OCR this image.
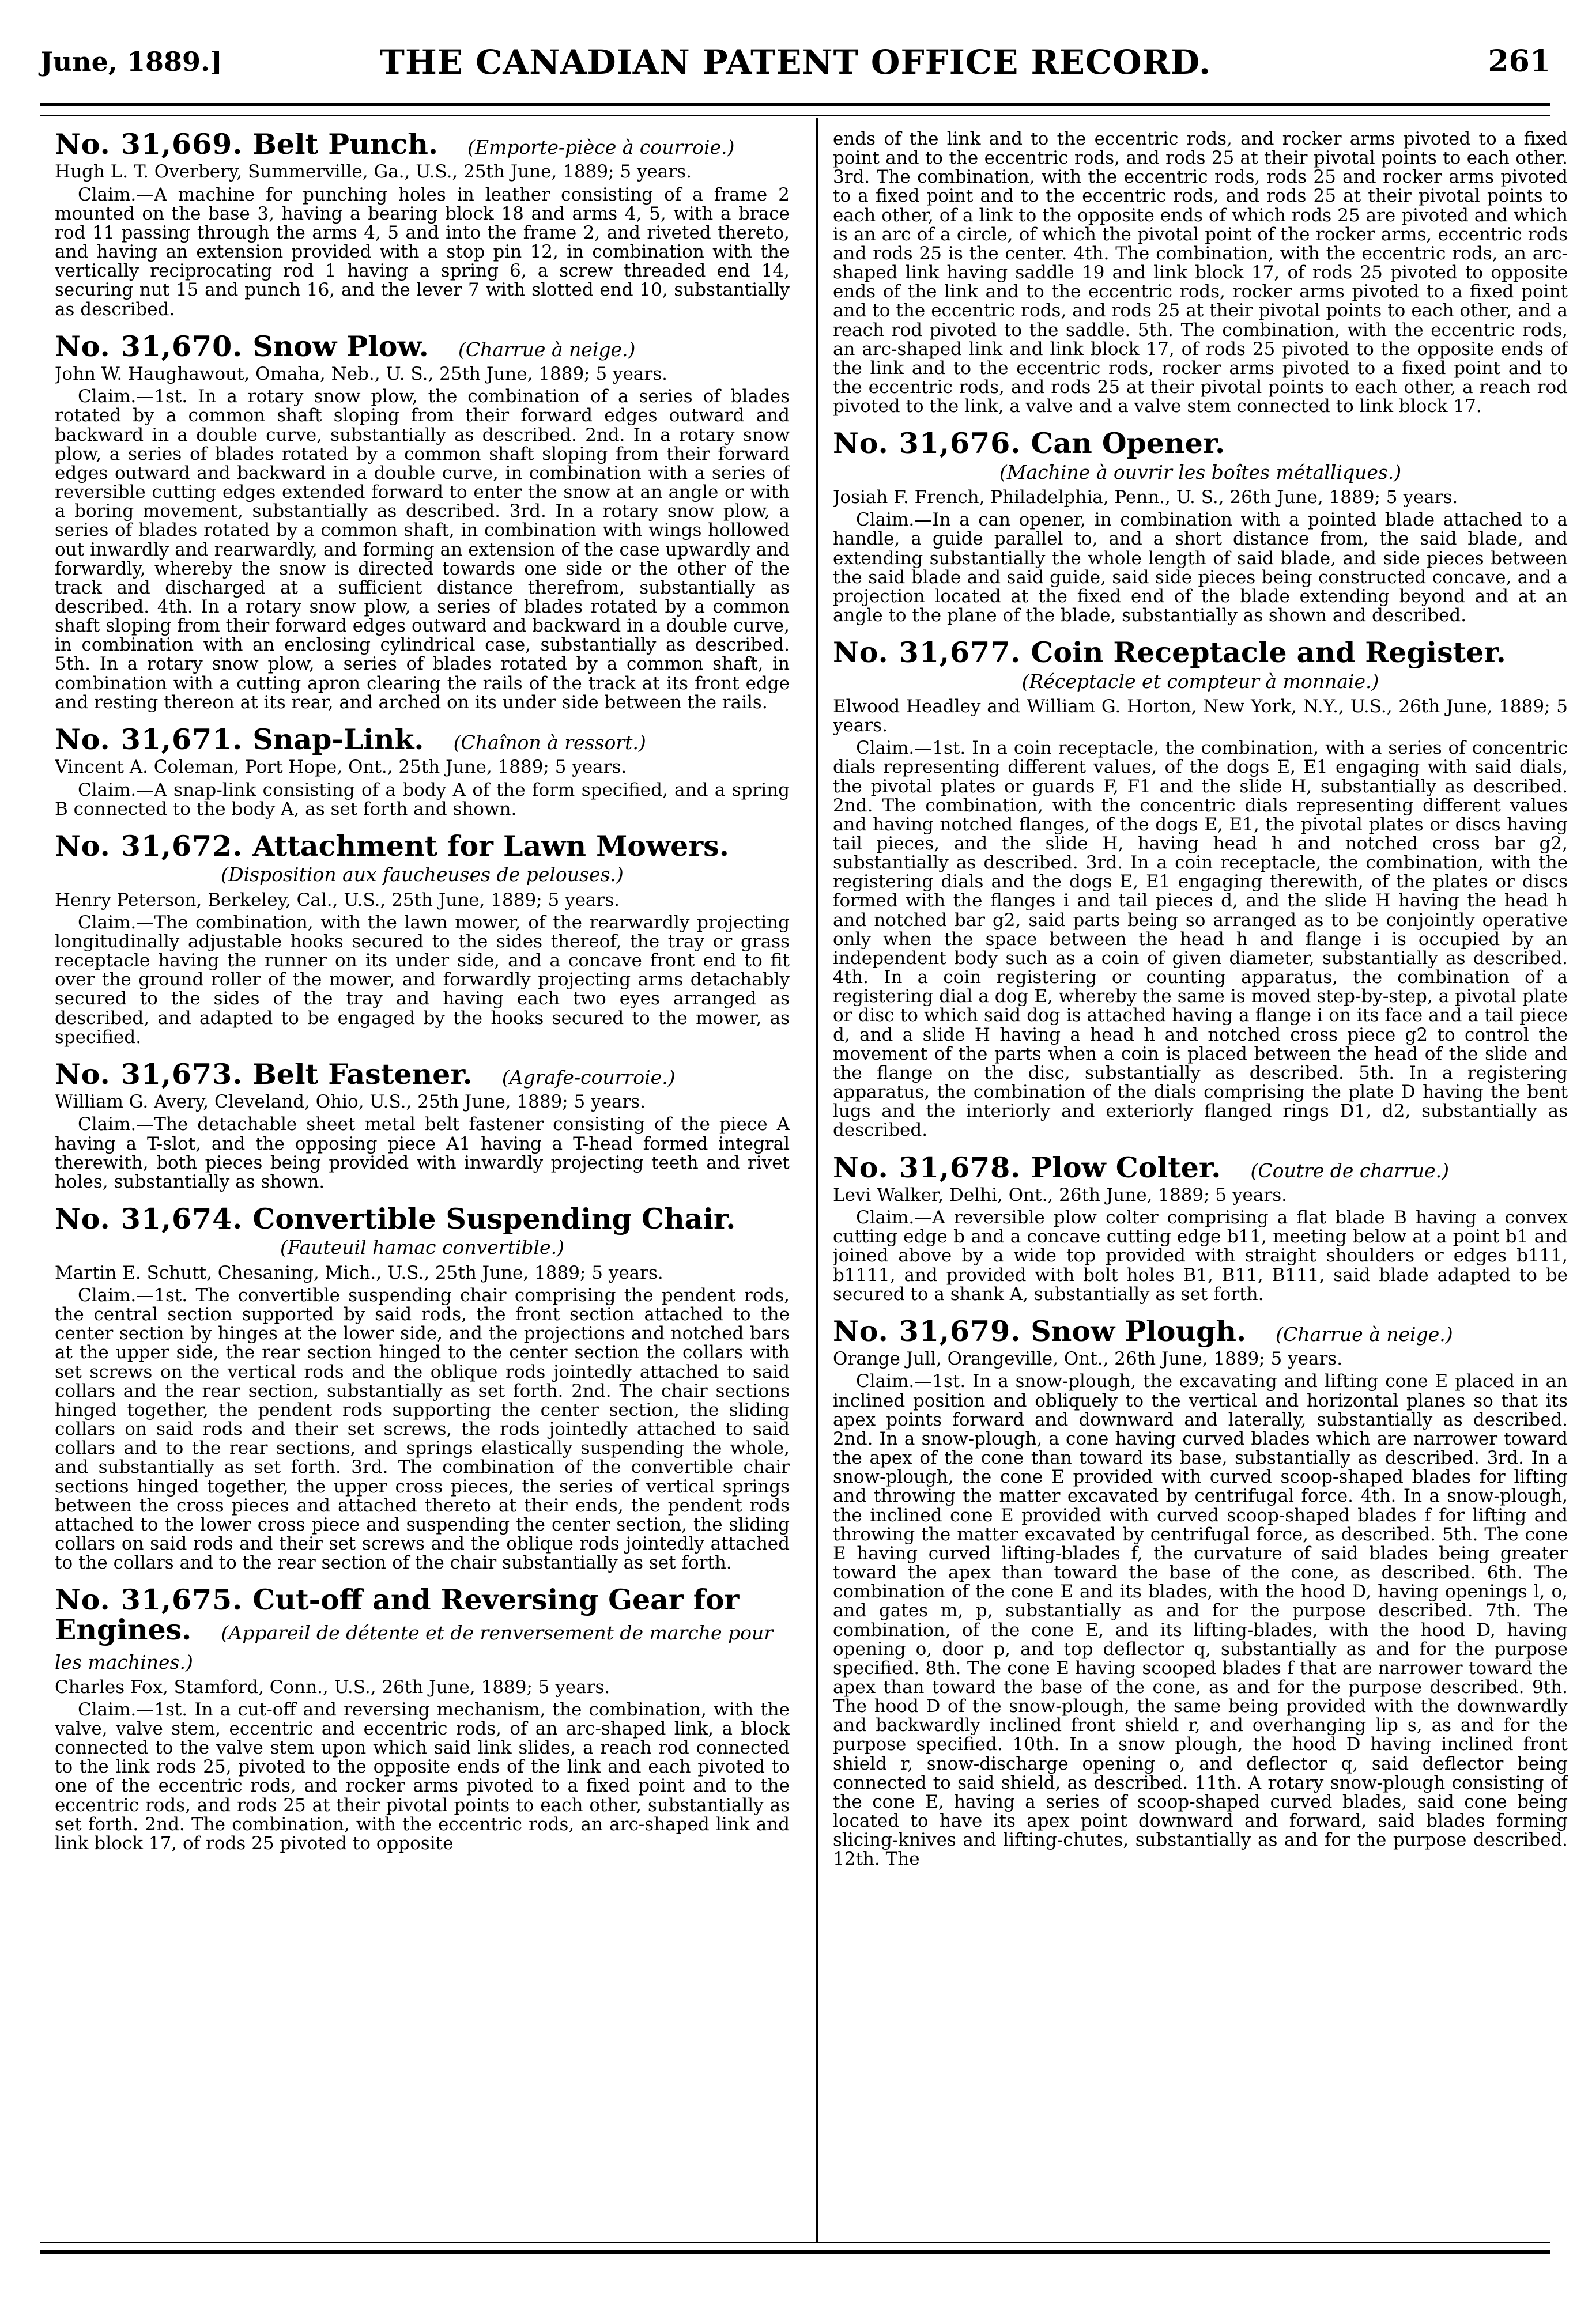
June, 1889.]	THE CANADIAN PATENT OFFICE RECORD.	261
No. 31,669. Belt Punch. (Emporte-pièce à courroie.)

Hugh L. T. Overbery, Summerville, Ga., U.S., 25th June, 1889; 5 years.

Claim.—A machine for punching holes in leather consisting of a frame 2 mounted on the base 3, having a bearing block 18 and arms 4, 5, with a brace rod 11 passing through the arms 4, 5 and into the frame 2, and riveted thereto, and having an extension provided with a stop pin 12, in combination with the vertically reciprocating rod 1 having a spring 6, a screw threaded end 14, securing nut 15 and punch 16, and the lever 7 with slotted end 10, substantially as described.

No. 31,670. Snow Plow. (Charrue à neige.)

John W. Haughawout, Omaha, Neb., U. S., 25th June, 1889; 5 years.

Claim.—1st. In a rotary snow plow, the combination of a series of blades rotated by a common shaft sloping from their forward edges outward and backward in a double curve, substantially as described. 2nd. In a rotary snow plow, a series of blades rotated by a common shaft sloping from their forward edges outward and backward in a double curve, in combination with a series of reversible cutting edges extended forward to enter the snow at an angle or with a boring movement, substantially as described. 3rd. In a rotary snow plow, a series of blades rotated by a common shaft, in combination with wings hollowed out inwardly and rearwardly, and forming an extension of the case upwardly and forwardly, whereby the snow is directed towards one side or the other of the track and discharged at a sufficient distance therefrom, substantially as described. 4th. In a rotary snow plow, a series of blades rotated by a common shaft sloping from their forward edges outward and backward in a double curve, in combination with an enclosing cylindrical case, substantially as described. 5th. In a rotary snow plow, a series of blades rotated by a common shaft, in combination with a cutting apron clearing the rails of the track at its front edge and resting thereon at its rear, and arched on its under side between the rails.

No. 31,671. Snap-Link. (Chaînon à ressort.)

Vincent A. Coleman, Port Hope, Ont., 25th June, 1889; 5 years.

Claim.—A snap-link consisting of a body A of the form specified, and a spring B connected to the body A, as set forth and shown.

No. 31,672. Attachment for Lawn Mowers.
(Disposition aux faucheuses de pelouses.)

Henry Peterson, Berkeley, Cal., U.S., 25th June, 1889; 5 years.

Claim.—The combination, with the lawn mower, of the rearwardly projecting longitudinally adjustable hooks secured to the sides thereof, the tray or grass receptacle having the runner on its under side, and a concave front end to fit over the ground roller of the mower, and forwardly projecting arms detachably secured to the sides of the tray and having each two eyes arranged as described, and adapted to be engaged by the hooks secured to the mower, as specified.

No. 31,673. Belt Fastener. (Agrafe-courroie.)

William G. Avery, Cleveland, Ohio, U.S., 25th June, 1889; 5 years.

Claim.—The detachable sheet metal belt fastener consisting of the piece A having a T-slot, and the opposing piece A1 having a T-head formed integral therewith, both pieces being provided with inwardly projecting teeth and rivet holes, substantially as shown.

No. 31,674. Convertible Suspending Chair.
(Fauteuil hamac convertible.)

Martin E. Schutt, Chesaning, Mich., U.S., 25th June, 1889; 5 years.

Claim.—1st. The convertible suspending chair comprising the pendent rods, the central section supported by said rods, the front section attached to the center section by hinges at the lower side, and the projections and notched bars at the upper side, the rear section hinged to the center section the collars with set screws on the vertical rods and the oblique rods jointedly attached to said collars and the rear section, substantially as set forth. 2nd. The chair sections hinged together, the pendent rods supporting the center section, the sliding collars on said rods and their set screws, the rods jointedly attached to said collars and to the rear sections, and springs elastically suspending the whole, and substantially as set forth. 3rd. The combination of the convertible chair sections hinged together, the upper cross pieces, the series of vertical springs between the cross pieces and attached thereto at their ends, the pendent rods attached to the lower cross piece and suspending the center section, the sliding collars on said rods and their set screws and the oblique rods jointedly attached to the collars and to the rear section of the chair substantially as set forth.

No. 31,675. Cut-off and Reversing Gear for Engines. (Appareil de détente et de renversement de marche pour les machines.)

Charles Fox, Stamford, Conn., U.S., 26th June, 1889; 5 years.

Claim.—1st. In a cut-off and reversing mechanism, the combination, with the valve, valve stem, eccentric and eccentric rods, of an arc-shaped link, a block connected to the valve stem upon which said link slides, a reach rod connected to the link rods 25, pivoted to the opposite ends of the link and each pivoted to one of the eccentric rods, and rocker arms pivoted to a fixed point and to the eccentric rods, and rods 25 at their pivotal points to each other, substantially as set forth. 2nd. The combination, with the eccentric rods, an arc-shaped link and link block 17, of rods 25 pivoted to opposite

ends of the link and to the eccentric rods, and rocker arms pivoted to a fixed point and to the eccentric rods, and rods 25 at their pivotal points to each other. 3rd. The combination, with the eccentric rods, rods 25 and rocker arms pivoted to a fixed point and to the eccentric rods, and rods 25 at their pivotal points to each other, of a link to the opposite ends of which rods 25 are pivoted and which is an arc of a circle, of which the pivotal point of the rocker arms, eccentric rods and rods 25 is the center. 4th. The combination, with the eccentric rods, an arc-shaped link having saddle 19 and link block 17, of rods 25 pivoted to opposite ends of the link and to the eccentric rods, rocker arms pivoted to a fixed point and to the eccentric rods, and rods 25 at their pivotal points to each other, and a reach rod pivoted to the saddle. 5th. The combination, with the eccentric rods, an arc-shaped link and link block 17, of rods 25 pivoted to the opposite ends of the link and to the eccentric rods, rocker arms pivoted to a fixed point and to the eccentric rods, and rods 25 at their pivotal points to each other, a reach rod pivoted to the link, a valve and a valve stem connected to link block 17.

No. 31,676. Can Opener.
(Machine à ouvrir les boîtes métalliques.)

Josiah F. French, Philadelphia, Penn., U. S., 26th June, 1889; 5 years.

Claim.—In a can opener, in combination with a pointed blade attached to a handle, a guide parallel to, and a short distance from, the said blade, and extending substantially the whole length of said blade, and side pieces between the said blade and said guide, said side pieces being constructed concave, and a projection located at the fixed end of the blade extending beyond and at an angle to the plane of the blade, substantially as shown and described.

No. 31,677. Coin Receptacle and Register.
(Réceptacle et compteur à monnaie.)

Elwood Headley and William G. Horton, New York, N.Y., U.S., 26th June, 1889; 5 years.

Claim.—1st. In a coin receptacle, the combination, with a series of concentric dials representing different values, of the dogs E, E1 engaging with said dials, the pivotal plates or guards F, F1 and the slide H, substantially as described. 2nd. The combination, with the concentric dials representing different values and having notched flanges, of the dogs E, E1, the pivotal plates or discs having tail pieces, and the slide H, having head h and notched cross bar g2, substantially as described. 3rd. In a coin receptacle, the combination, with the registering dials and the dogs E, E1 engaging therewith, of the plates or discs formed with the flanges i and tail pieces d, and the slide H having the head h and notched bar g2, said parts being so arranged as to be conjointly operative only when the space between the head h and flange i is occupied by an independent body such as a coin of given diameter, substantially as described. 4th. In a coin registering or counting apparatus, the combination of a registering dial a dog E, whereby the same is moved step-by-step, a pivotal plate or disc to which said dog is attached having a flange i on its face and a tail piece d, and a slide H having a head h and notched cross piece g2 to control the movement of the parts when a coin is placed between the head of the slide and the flange on the disc, substantially as described. 5th. In a registering apparatus, the combination of the dials comprising the plate D having the bent lugs and the interiorly and exteriorly flanged rings D1, d2, substantially as described.

No. 31,678. Plow Colter. (Coutre de charrue.)

Levi Walker, Delhi, Ont., 26th June, 1889; 5 years.

Claim.—A reversible plow colter comprising a flat blade B having a convex cutting edge b and a concave cutting edge b11, meeting below at a point b1 and joined above by a wide top provided with straight shoulders or edges b111, b1111, and provided with bolt holes B1, B11, B111, said blade adapted to be secured to a shank A, substantially as set forth.

No. 31,679. Snow Plough. (Charrue à neige.)

Orange Jull, Orangeville, Ont., 26th June, 1889; 5 years.

Claim.—1st. In a snow-plough, the excavating and lifting cone E placed in an inclined position and obliquely to the vertical and horizontal planes so that its apex points forward and downward and laterally, substantially as described. 2nd. In a snow-plough, a cone having curved blades which are narrower toward the apex of the cone than toward its base, substantially as described. 3rd. In a snow-plough, the cone E provided with curved scoop-shaped blades for lifting and throwing the matter excavated by centrifugal force. 4th. In a snow-plough, the inclined cone E provided with curved scoop-shaped blades f for lifting and throwing the matter excavated by centrifugal force, as described. 5th. The cone E having curved lifting-blades f, the curvature of said blades being greater toward the apex than toward the base of the cone, as described. 6th. The combination of the cone E and its blades, with the hood D, having openings l, o, and gates m, p, substantially as and for the purpose described. 7th. The combination, of the cone E, and its lifting-blades, with the hood D, having opening o, door p, and top deflector q, substantially as and for the purpose specified. 8th. The cone E having scooped blades f that are narrower toward the apex than toward the base of the cone, as and for the purpose described. 9th. The hood D of the snow-plough, the same being provided with the downwardly and backwardly inclined front shield r, and overhanging lip s, as and for the purpose specified. 10th. In a snow plough, the hood D having inclined front shield r, snow-discharge opening o, and deflector q, said deflector being connected to said shield, as described. 11th. A rotary snow-plough consisting of the cone E, having a series of scoop-shaped curved blades, said cone being located to have its apex point downward and forward, said blades forming slicing-knives and lifting-chutes, substantially as and for the purpose described. 12th. The
